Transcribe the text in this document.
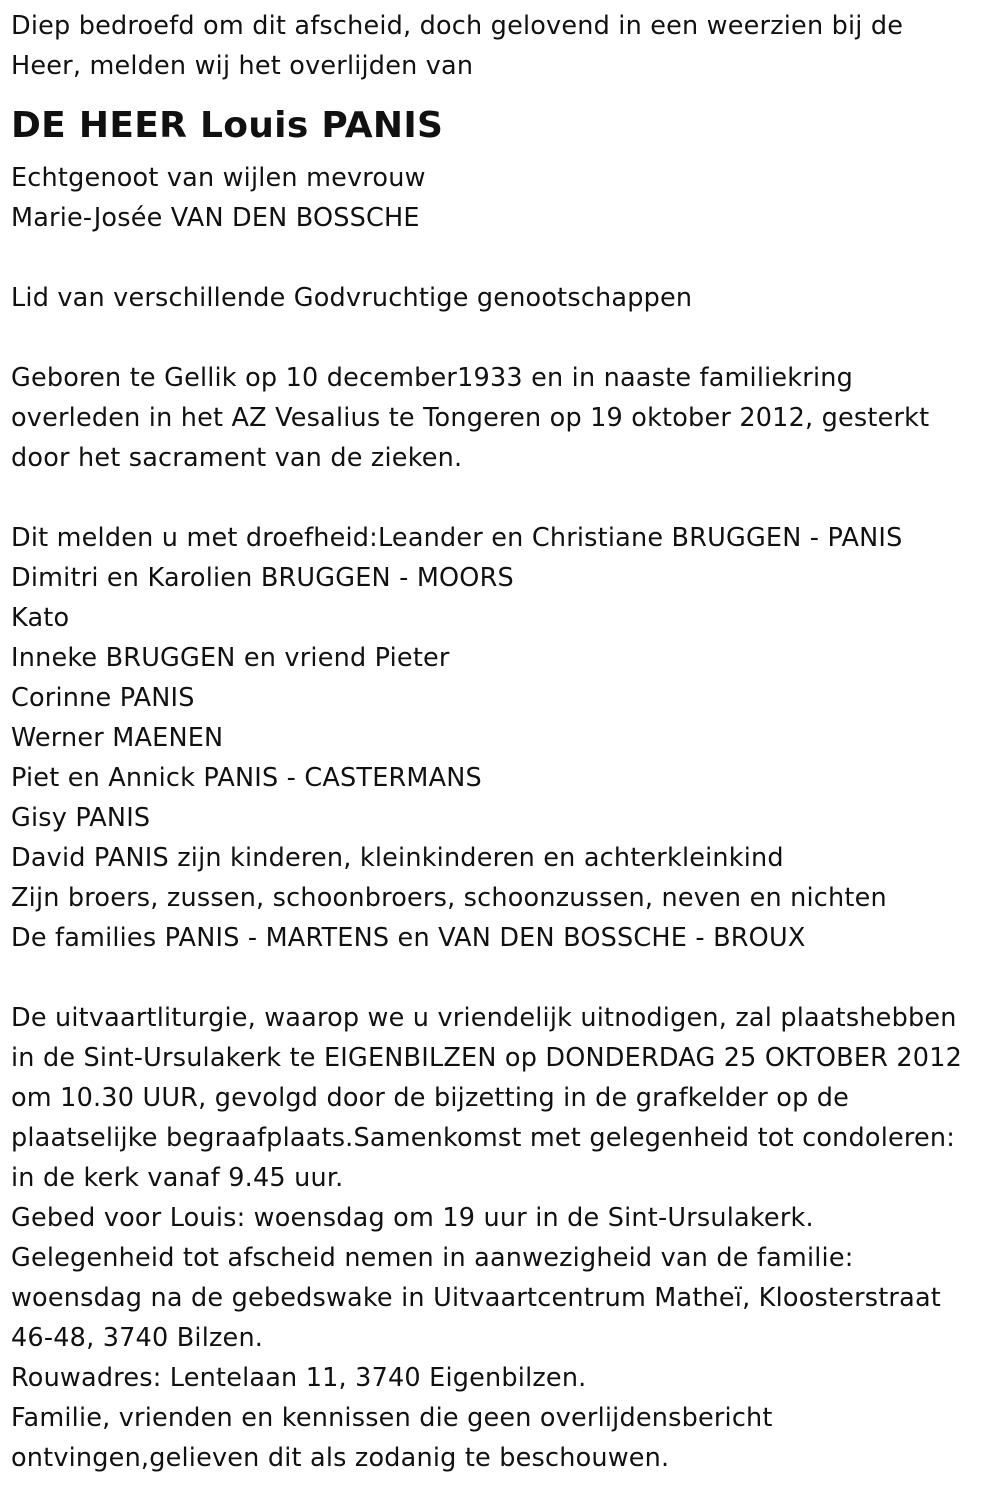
Diep bedroefd om dit afscheid, doch gelovend in een weerzien bij de
Heer, melden wij het overlijden van
DE HEER Louis PANIS
Echtgenoot van wijlen mevrouw
Marie-Josée VAN DEN BOSSCHE
Lid van verschillende Godvruchtige genootschappen
Geboren te Gellik op 10 december1933 en in naaste familiekring
overleden in het AZ Vesalius te Tongeren op 19 oktober 2012, gesterkt
door het sacrament van de zieken.
Dit melden u met droefheid:Leander en Christiane BRUGGEN - PANIS
Dimitri en Karolien BRUGGEN - MOORS
Kato
Inneke BRUGGEN en vriend Pieter
Corinne PANIS
Werner MAENEN
Piet en Annick PANIS - CASTERMANS
Gisy PANIS
David PANIS zijn kinderen, kleinkinderen en achterkleinkind
Zijn broers, zussen, schoonbroers, schoonzussen, neven en nichten
De families PANIS - MARTENS en VAN DEN BOSSCHE - BROUX
De uitvaartliturgie, waarop we u vriendelijk uitnodigen, zal plaatshebben
in de Sint-Ursulakerk te EIGENBILZEN op DONDERDAG 25 OKTOBER 2012
om 10.30 UUR, gevolgd door de bijzetting in de grafkelder op de
plaatselijke begraafplaats.Samenkomst met gelegenheid tot condoleren:
in de kerk vanaf 9.45 uur.
Gebed voor Louis: woensdag om 19 uur in de Sint-Ursulakerk.
Gelegenheid tot afscheid nemen in aanwezigheid van de familie:
woensdag na de gebedswake in Uitvaartcentrum Matheï, Kloosterstraat
46-48, 3740 Bilzen.
Rouwadres: Lentelaan 11, 3740 Eigenbilzen.
Familie, vrienden en kennissen die geen overlijdensbericht
ontvingen,gelieven dit als zodanig te beschouwen.
